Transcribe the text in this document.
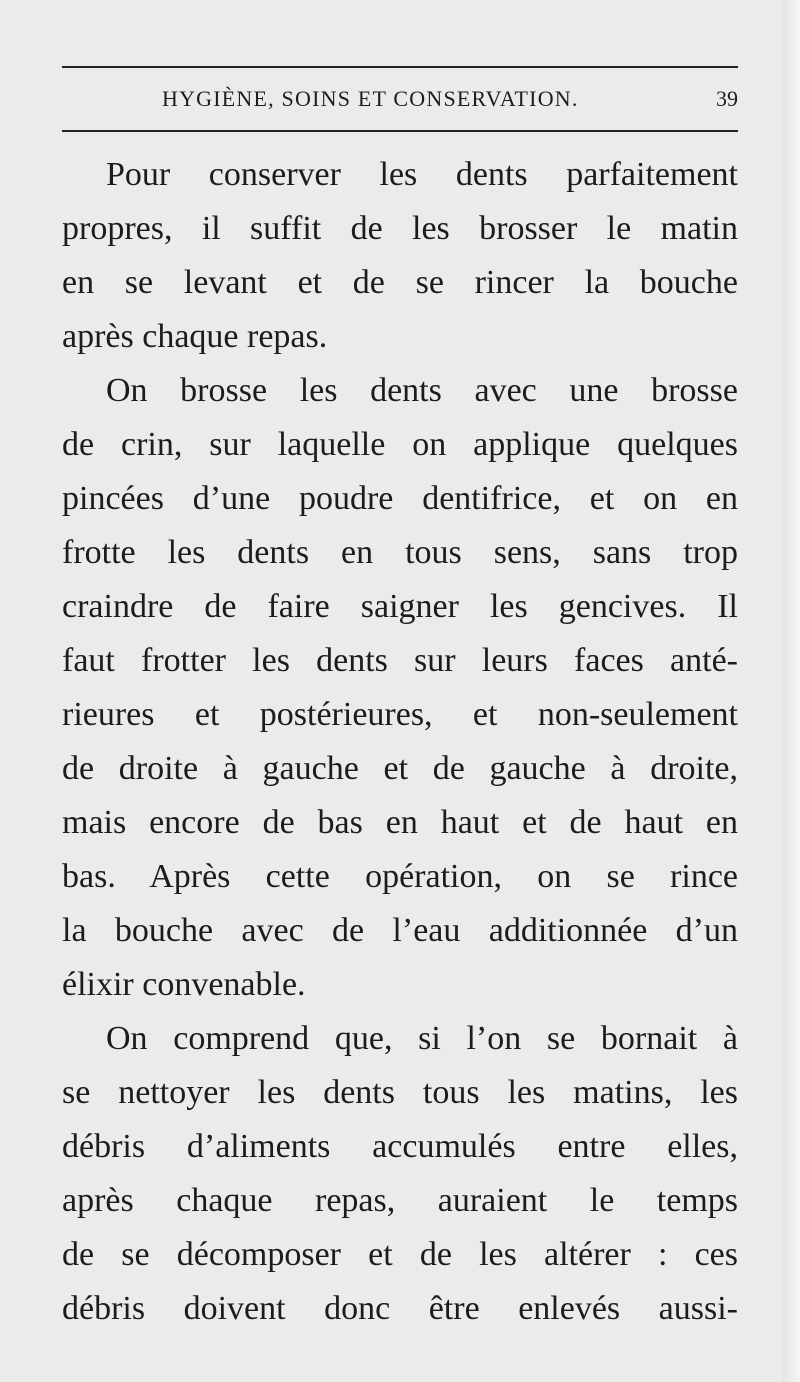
HYGIÈNE, SOINS ET CONSERVATION.	39
Pour conserver les dents parfaitement
propres, il suffit de les brosser le matin
en se levant et de se rincer la bouche
après chaque repas.
On brosse les dents avec une brosse
de crin, sur laquelle on applique quelques
pincées d’une poudre dentifrice, et on en
frotte les dents en tous sens, sans trop
craindre de faire saigner les gencives. Il
faut frotter les dents sur leurs faces anté-
rieures et postérieures, et non-seulement
de droite à gauche et de gauche à droite,
mais encore de bas en haut et de haut en
bas. Après cette opération, on se rince
la bouche avec de l’eau additionnée d’un
élixir convenable.
On comprend que, si l’on se bornait à
se nettoyer les dents tous les matins, les
débris d’aliments accumulés entre elles,
après chaque repas, auraient le temps
de se décomposer et de les altérer : ces
débris doivent donc être enlevés aussi-
